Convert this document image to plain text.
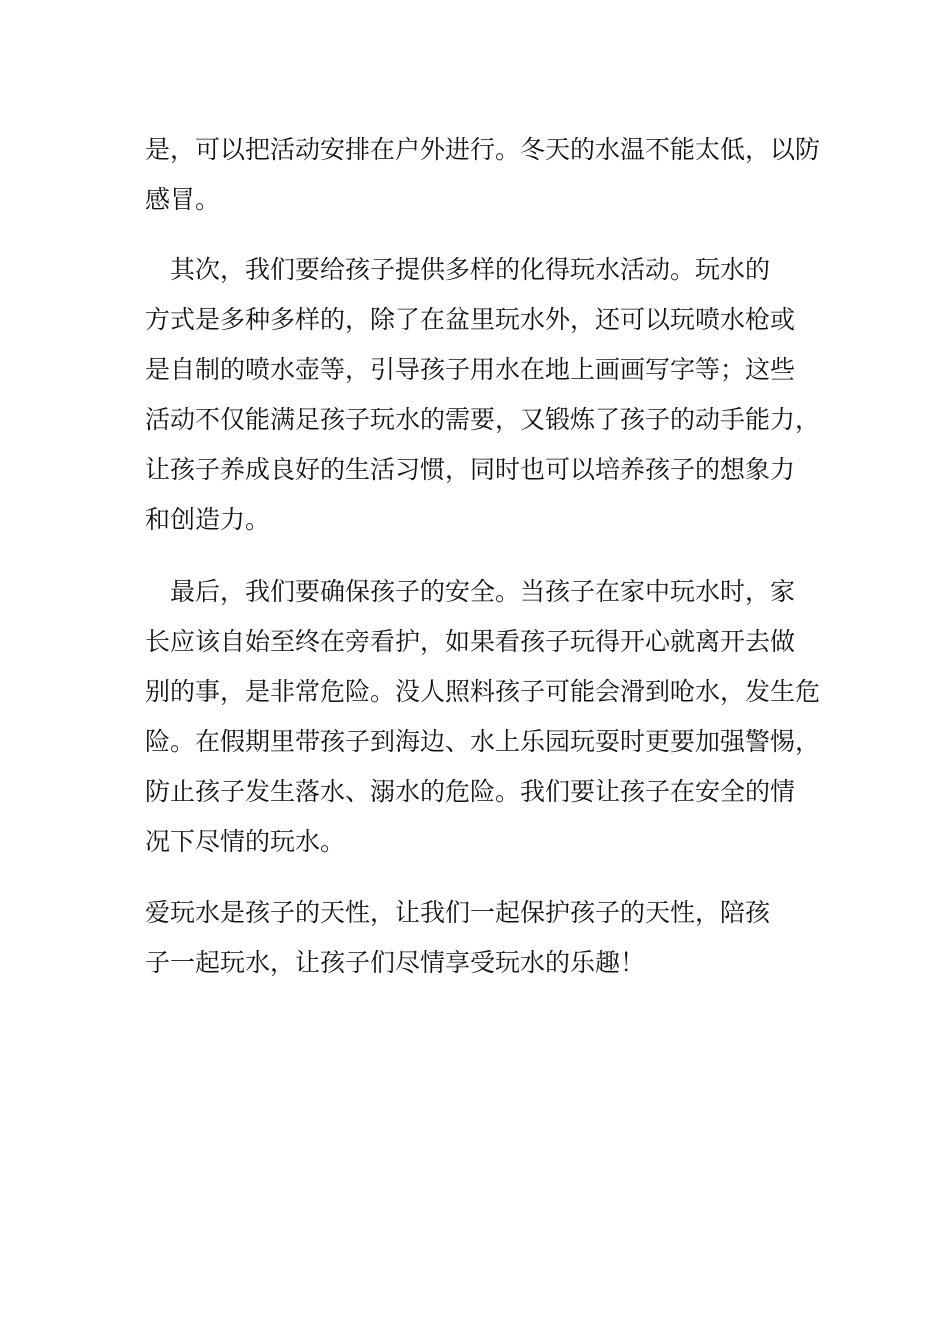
是，可以把活动安排在户外进行。冬天的水温不能太低，以防
感冒。
　其次，我们要给孩子提供多样的化得玩水活动。玩水的
方式是多种多样的，除了在盆里玩水外，还可以玩喷水枪或
是自制的喷水壶等，引导孩子用水在地上画画写字等；这些
活动不仅能满足孩子玩水的需要，又锻炼了孩子的动手能力，
让孩子养成良好的生活习惯，同时也可以培养孩子的想象力
和创造力。
　最后，我们要确保孩子的安全。当孩子在家中玩水时，家
长应该自始至终在旁看护，如果看孩子玩得开心就离开去做
别的事，是非常危险。没人照料孩子可能会滑到呛水，发生危
险。在假期里带孩子到海边、水上乐园玩耍时更要加强警惕，
防止孩子发生落水、溺水的危险。我们要让孩子在安全的情
况下尽情的玩水。
爱玩水是孩子的天性，让我们一起保护孩子的天性，陪孩
子一起玩水，让孩子们尽情享受玩水的乐趣！
